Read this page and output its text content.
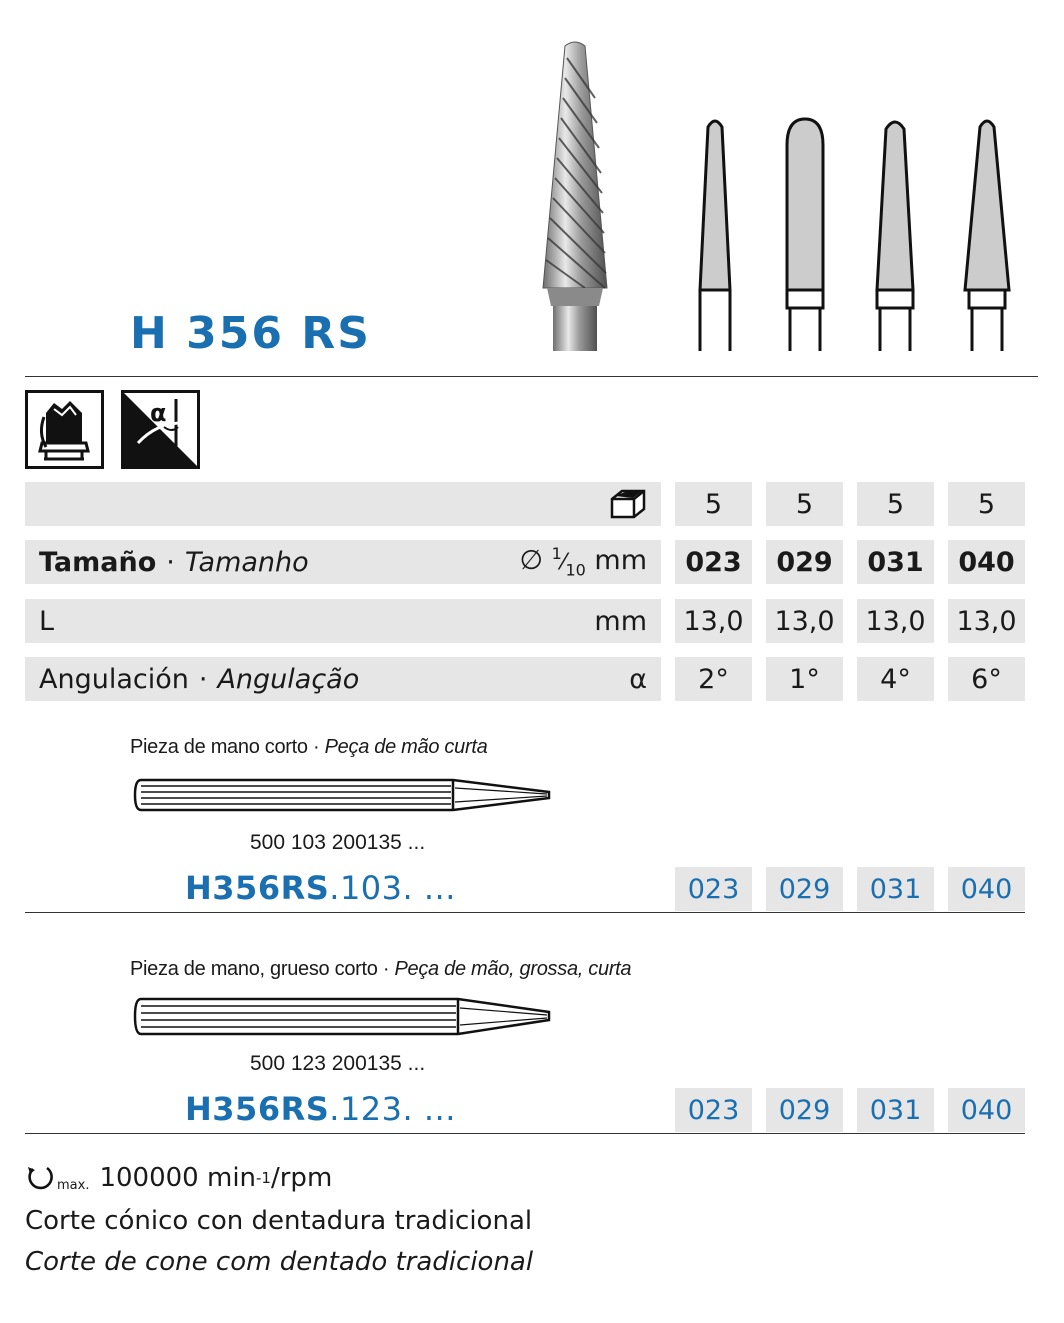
H 356 RS
α
5	5	5	5
Tamaño · Tamanho	∅ $^1⁄_{10}$ mm	023	029	031	040
L	mm	13,0	13,0	13,0	13,0
Angulación · Angulação	α	2°	1°	4°	6°
Pieza de mano corto · Peça de mão curta
500 103 200135 ...
H356RS.103. ...	023	029	031	040
Pieza de mano, grueso corto · Peça de mão, grossa, curta
500 123 200135 ...
H356RS.123. ...	023	029	031	040
max. 100000 min -1 /rpm
Corte cónico con dentadura tradicional
Corte de cone com dentado tradicional
